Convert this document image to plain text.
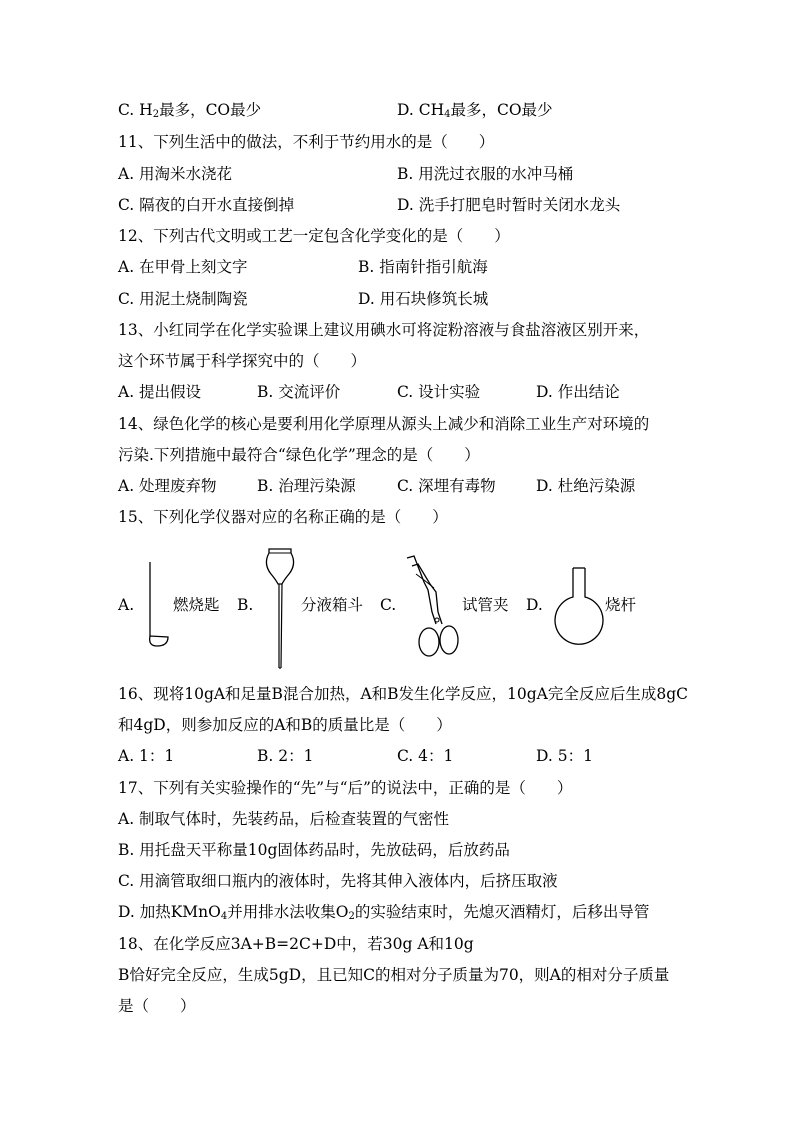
C. $H_2$最多，CO最少	D. $CH_4$最多，CO最少
11、下列生活中的做法，不利于节约用水的是（　　）
A. 用淘米水浇花	B. 用洗过衣服的水冲马桶
C. 隔夜的白开水直接倒掉	D. 洗手打肥皂时暂时关闭水龙头
12、下列古代文明或工艺一定包含化学变化的是（　　）
A. 在甲骨上刻文字	B. 指南针指引航海
C. 用泥土烧制陶瓷	D. 用石块修筑长城
13、小红同学在化学实验课上建议用碘水可将淀粉溶液与食盐溶液区别开来，
这个环节属于科学探究中的（　　）
A. 提出假设	B. 交流评价	C. 设计实验	D. 作出结论
14、绿色化学的核心是要利用化学原理从源头上减少和消除工业生产对环境的
污染.下列措施中最符合“绿色化学”理念的是（　　）
A. 处理废弃物	B. 治理污染源	C. 深埋有毒物	D. 杜绝污染源
15、下列化学仪器对应的名称正确的是（　　）
A.	燃烧匙 B.	分液箱斗 C.	试管夹 D.	烧杆
16、现将10gA和足量B混合加热，A和B发生化学反应，10gA完全反应后生成8gC
和4gD，则参加反应的A和B的质量比是（　　）
A. 1：1	B. 2：1	C. 4：1	D. 5：1
17、下列有关实验操作的“先”与“后”的说法中，正确的是（　　）
A. 制取气体时，先装药品，后检查装置的气密性
B. 用托盘天平称量10g固体药品时，先放砝码，后放药品
C. 用滴管取细口瓶内的液体时，先将其伸入液体内，后挤压取液
D. 加热KMnO$_4$并用排水法收集$O_2$的实验结束时，先熄灭酒精灯，后移出导管
18、在化学反应3A+B=2C+D中，若30g A和10g
B恰好完全反应，生成5gD，且已知C的相对分子质量为70，则A的相对分子质量
是（　　）
